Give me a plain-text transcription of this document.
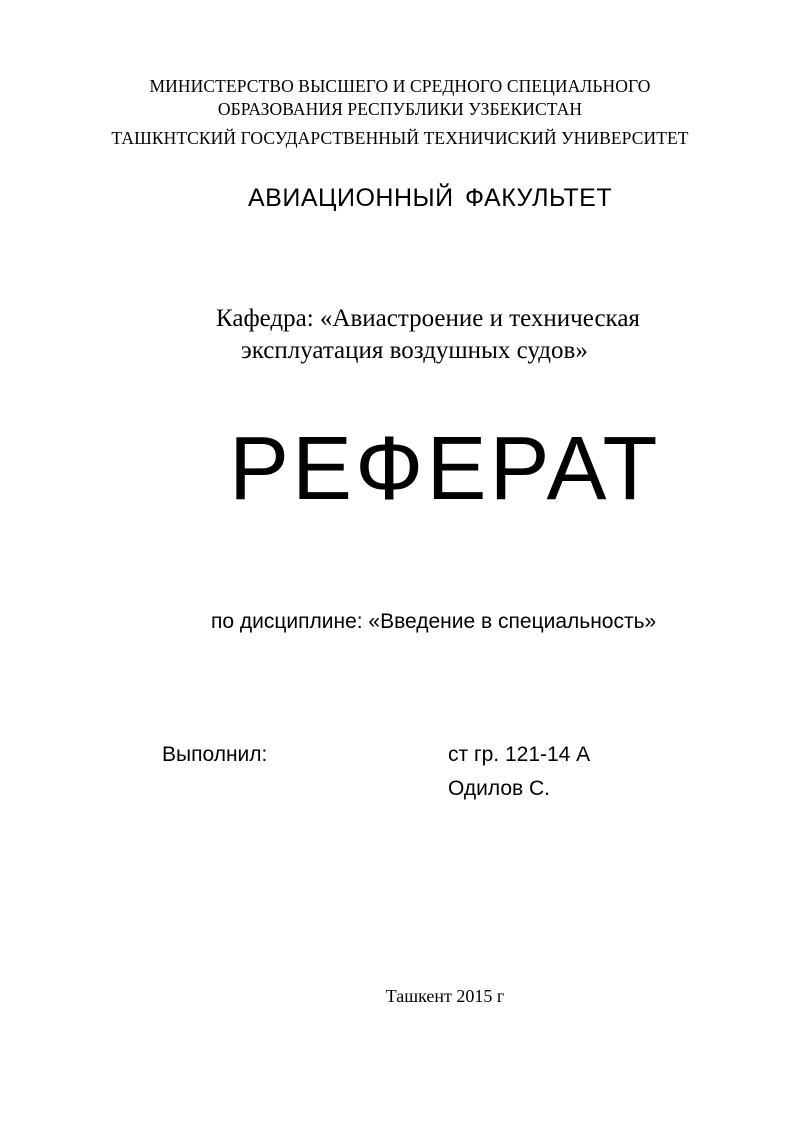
МИНИСТЕРСТВО ВЫСШЕГО И СРЕДНОГО СПЕЦИАЛЬНОГО
ОБРАЗОВАНИЯ РЕСПУБЛИКИ УЗБЕКИСТАН
ТАШКНТСКИЙ ГОСУДАРСТВЕННЫЙ ТЕХНИЧИСКИЙ УНИВЕРСИТЕТ
АВИАЦИОННЫЙ ФАКУЛЬТЕТ
Кафедра: «Авиастроение и техническая
эксплуатация воздушных судов»
РЕФЕРАТ
по дисциплине: «Введение в специальность»
Выполнил:	ст гр. 121-14 А
Одилов С.
Ташкент 2015 г
